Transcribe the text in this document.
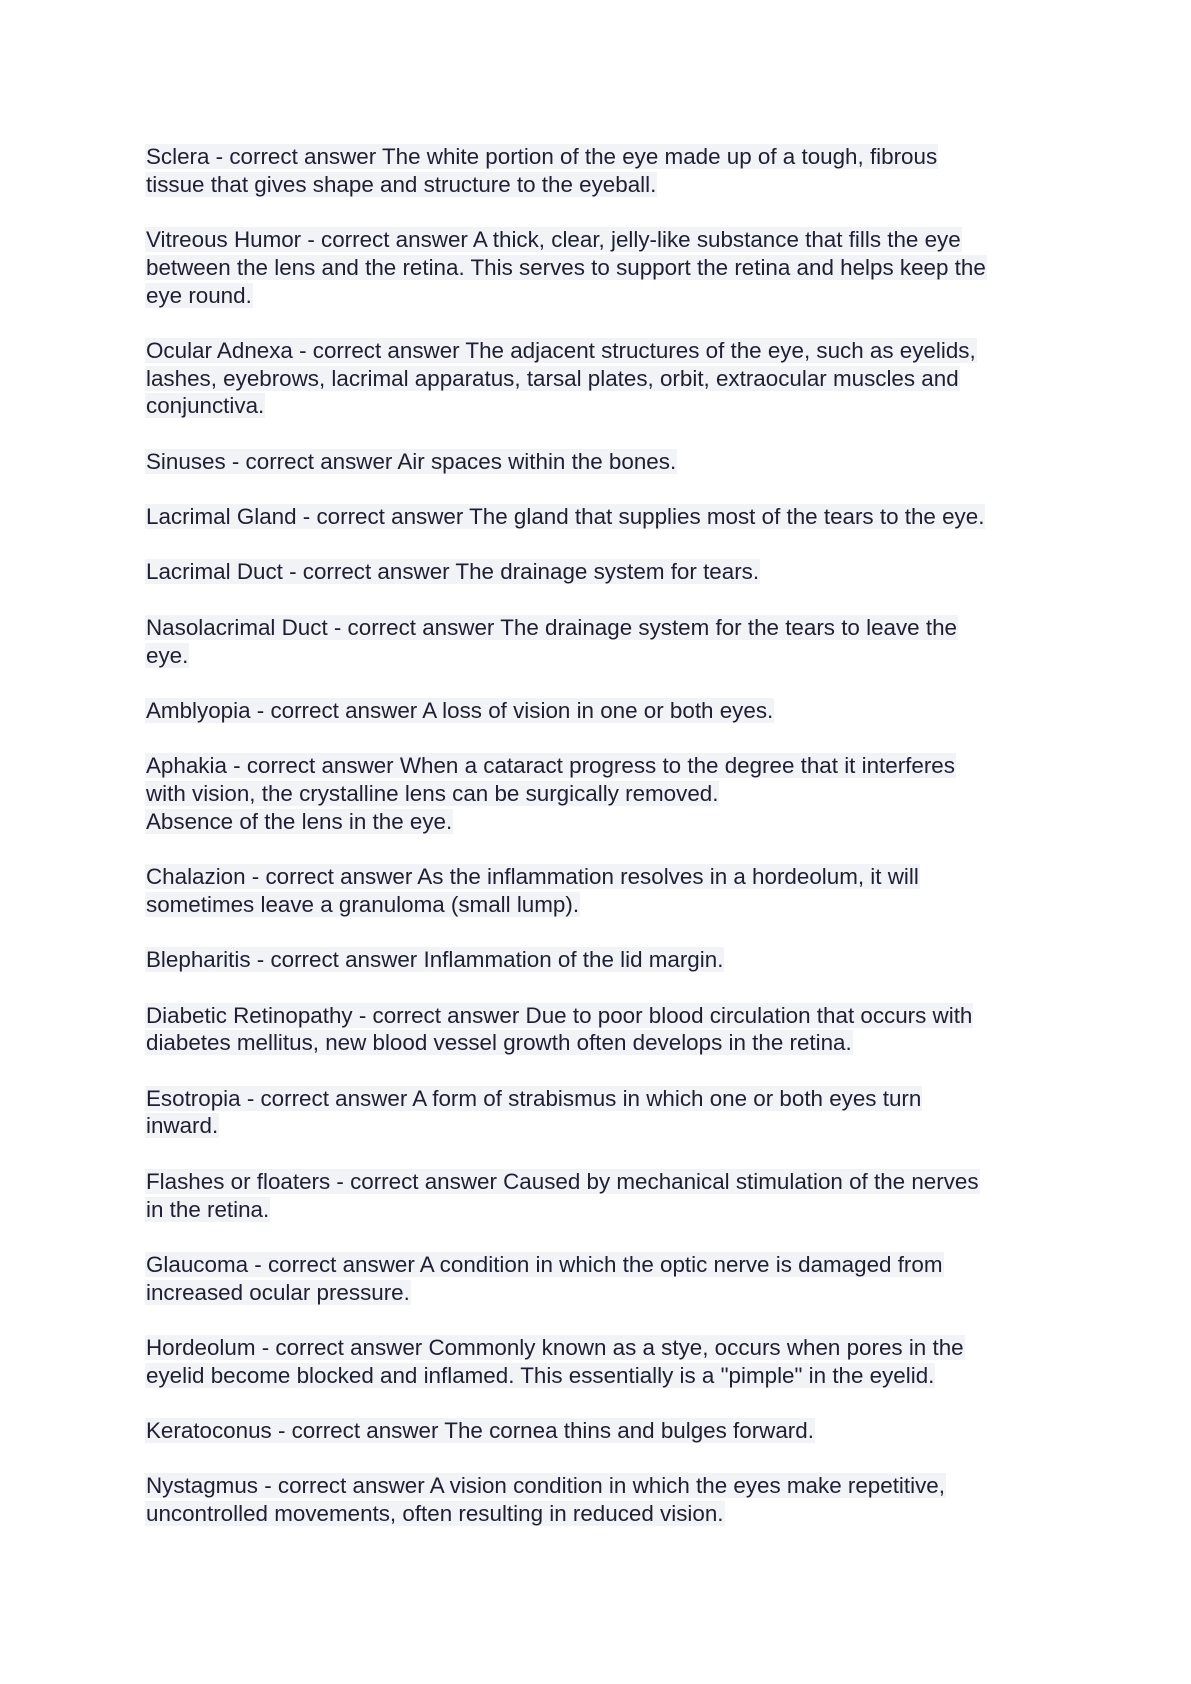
Sclera - correct answer The white portion of the eye made up of a tough, fibrous
tissue that gives shape and structure to the eyeball.
Vitreous Humor - correct answer A thick, clear, jelly-like substance that fills the eye
between the lens and the retina. This serves to support the retina and helps keep the
eye round.
Ocular Adnexa - correct answer The adjacent structures of the eye, such as eyelids,
lashes, eyebrows, lacrimal apparatus, tarsal plates, orbit, extraocular muscles and
conjunctiva.
Sinuses - correct answer Air spaces within the bones.
Lacrimal Gland - correct answer The gland that supplies most of the tears to the eye.
Lacrimal Duct - correct answer The drainage system for tears.
Nasolacrimal Duct - correct answer The drainage system for the tears to leave the
eye.
Amblyopia - correct answer A loss of vision in one or both eyes.
Aphakia - correct answer When a cataract progress to the degree that it interferes
with vision, the crystalline lens can be surgically removed.
Absence of the lens in the eye.
Chalazion - correct answer As the inflammation resolves in a hordeolum, it will
sometimes leave a granuloma (small lump).
Blepharitis - correct answer Inflammation of the lid margin.
Diabetic Retinopathy - correct answer Due to poor blood circulation that occurs with
diabetes mellitus, new blood vessel growth often develops in the retina.
Esotropia - correct answer A form of strabismus in which one or both eyes turn
inward.
Flashes or floaters - correct answer Caused by mechanical stimulation of the nerves
in the retina.
Glaucoma - correct answer A condition in which the optic nerve is damaged from
increased ocular pressure.
Hordeolum - correct answer Commonly known as a stye, occurs when pores in the
eyelid become blocked and inflamed. This essentially is a "pimple" in the eyelid.
Keratoconus - correct answer The cornea thins and bulges forward.
Nystagmus - correct answer A vision condition in which the eyes make repetitive,
uncontrolled movements, often resulting in reduced vision.
